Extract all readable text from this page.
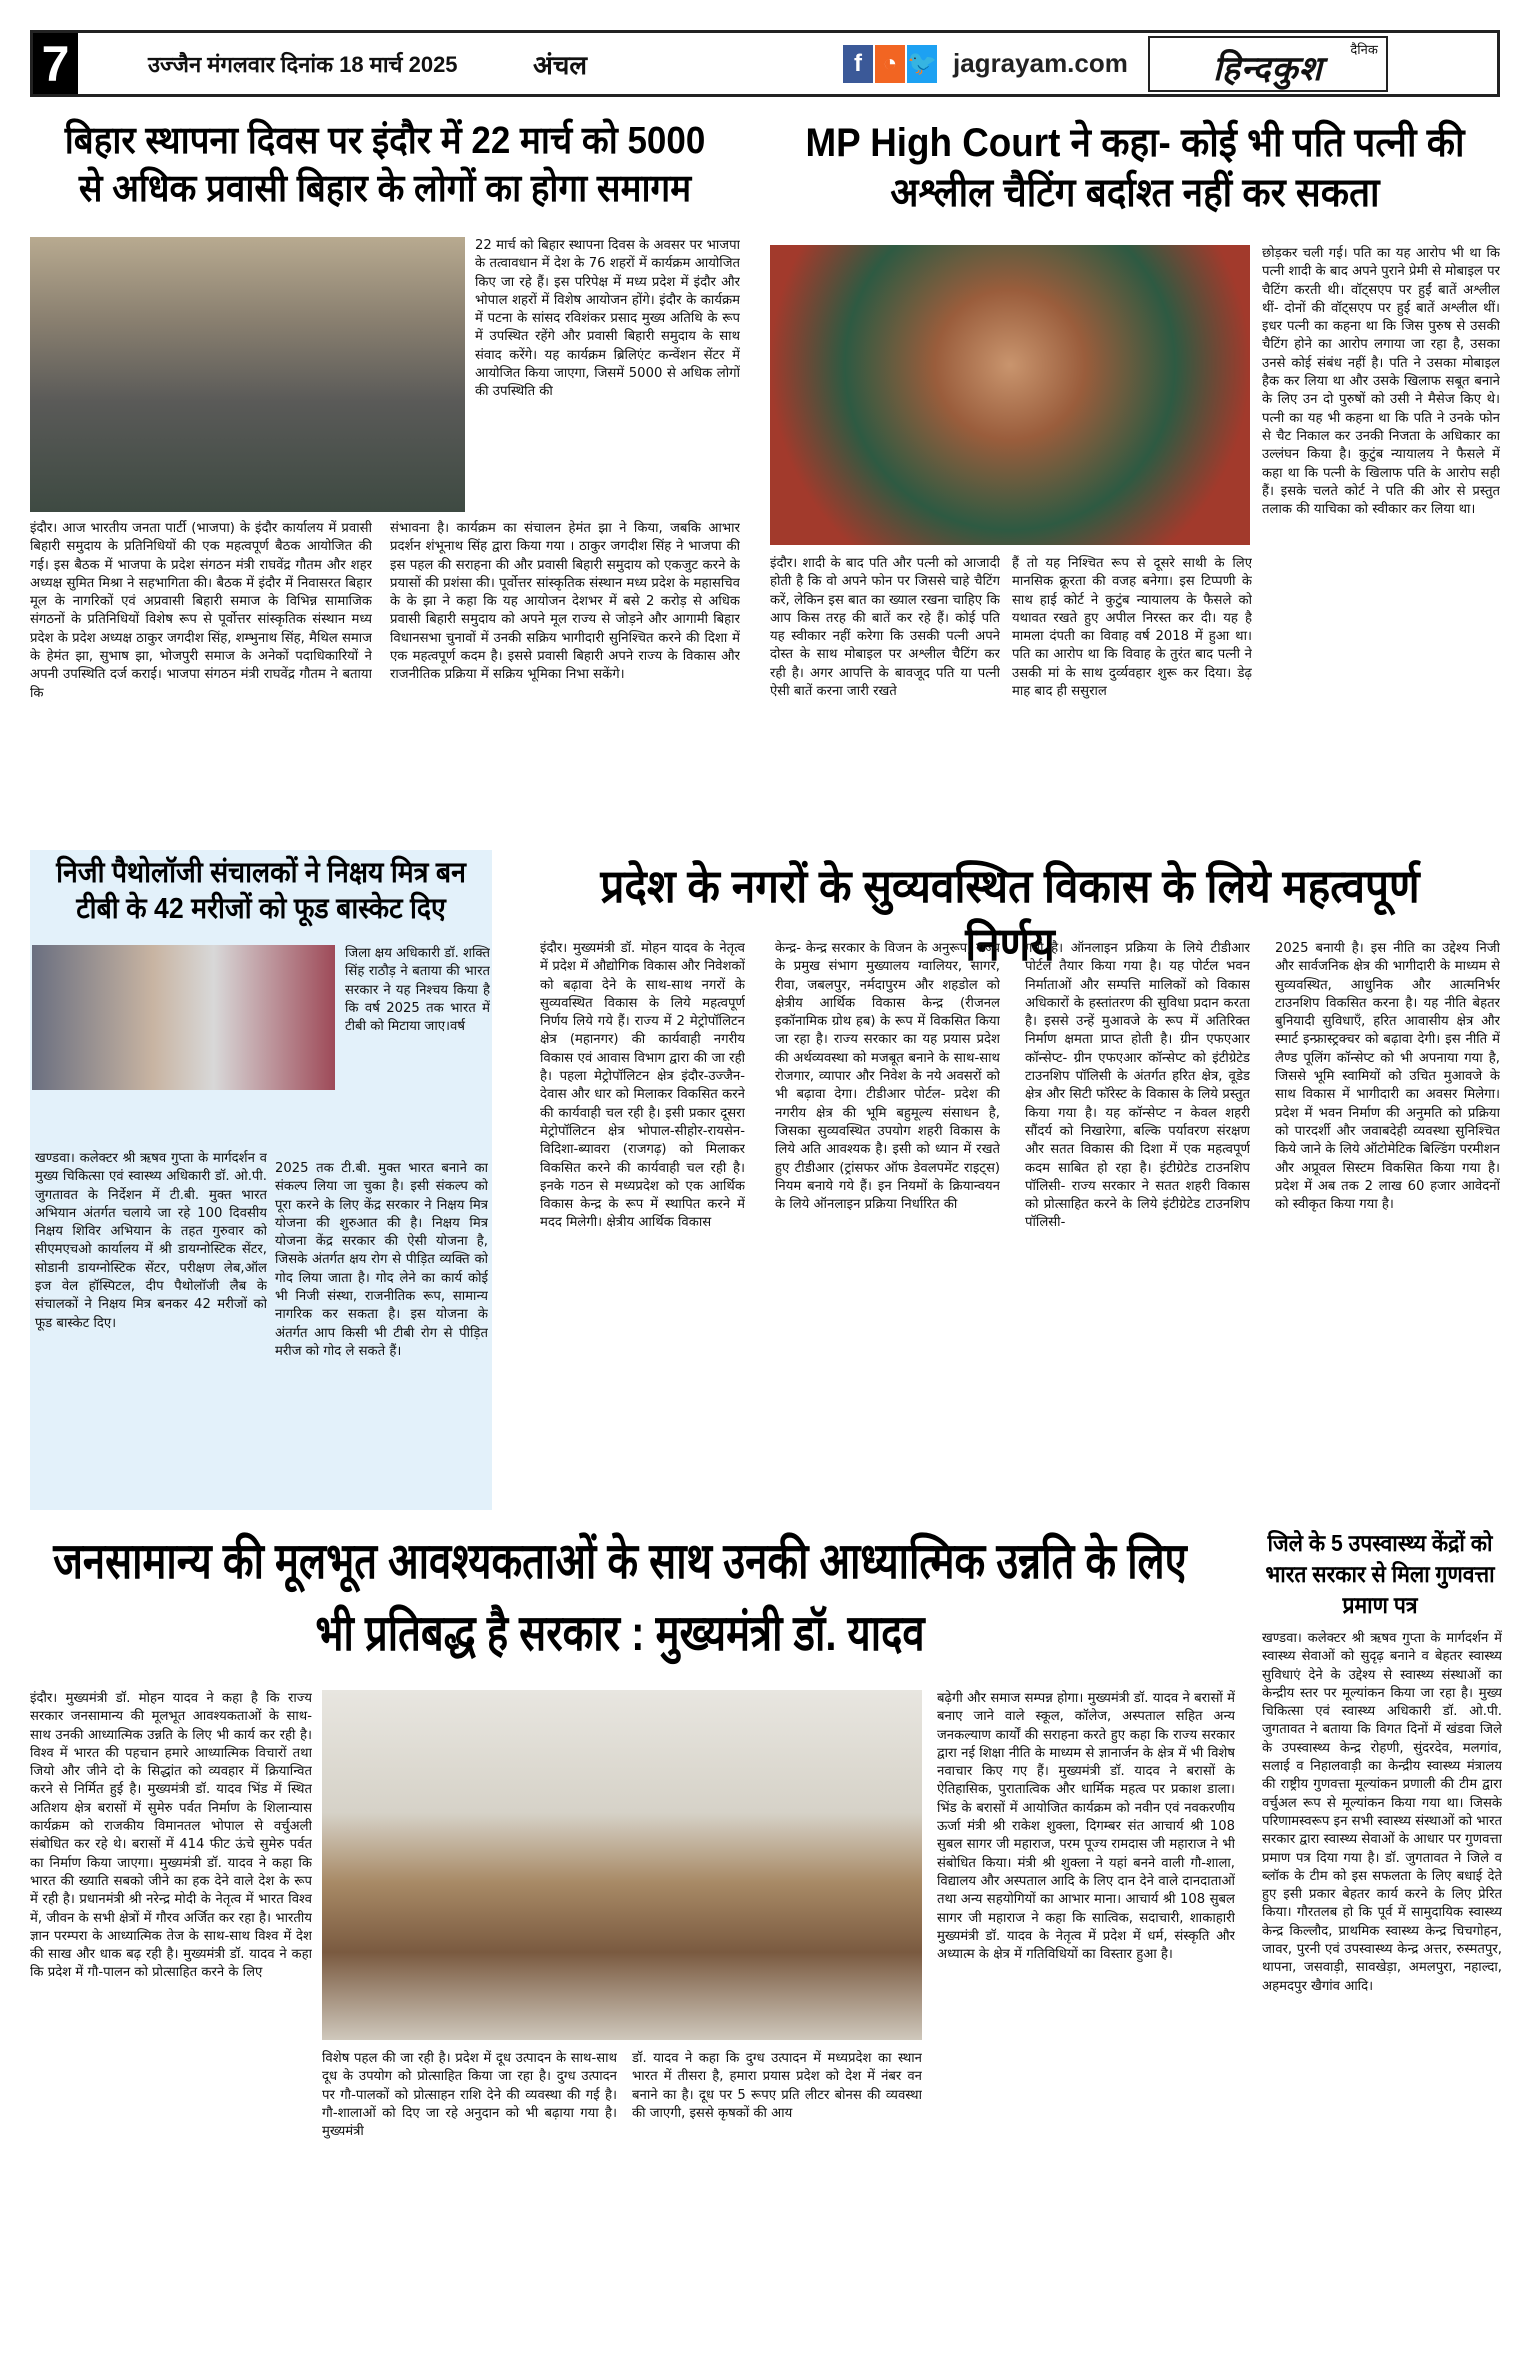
7	उज्जैन मंगलवार दिनांक 18 मार्च 2025	अंचल	f ◔ 🐦 jagrayam.com	दैनिक
हिन्दकुश
बिहार स्थापना दिवस पर इंदौर में 22 मार्च को 5000 से अधिक प्रवासी बिहार के लोगों का होगा समागम
22 मार्च को बिहार स्थापना दिवस के अवसर पर भाजपा के तत्वावधान में देश के 76 शहरों में कार्यक्रम आयोजित किए जा रहे हैं। इस परिपेक्ष में मध्य प्रदेश में इंदौर और भोपाल शहरों में विशेष आयोजन होंगे। इंदौर के कार्यक्रम में पटना के सांसद रविशंकर प्रसाद मुख्य अतिथि के रूप में उपस्थित रहेंगे और प्रवासी बिहारी समुदाय के साथ संवाद करेंगे। यह कार्यक्रम ब्रिलिएंट कन्वेंशन सेंटर में आयोजित किया जाएगा, जिसमें 5000 से अधिक लोगों की उपस्थिति की
इंदौर। आज भारतीय जनता पार्टी (भाजपा) के इंदौर कार्यालय में प्रवासी बिहारी समुदाय के प्रतिनिधियों की एक महत्वपूर्ण बैठक आयोजित की गई। इस बैठक में भाजपा के प्रदेश संगठन मंत्री राघवेंद्र गौतम और शहर अध्यक्ष सुमित मिश्रा ने सहभागिता की। बैठक में इंदौर में निवासरत बिहार मूल के नागरिकों एवं अप्रवासी बिहारी समाज के विभिन्न सामाजिक संगठनों के प्रतिनिधियों विशेष रूप से पूर्वोत्तर सांस्कृतिक संस्थान मध्य प्रदेश के प्रदेश अध्यक्ष ठाकुर जगदीश सिंह, शम्भुनाथ सिंह, मैथिल समाज के हेमंत झा, सुभाष झा, भोजपुरी समाज के अनेकों पदाधिकारियों ने अपनी उपस्थिति दर्ज कराई। भाजपा संगठन मंत्री राघवेंद्र गौतम ने बताया कि
संभावना है। कार्यक्रम का संचालन हेमंत झा ने किया, जबकि आभार प्रदर्शन शंभूनाथ सिंह द्वारा किया गया । ठाकुर जगदीश सिंह ने भाजपा की इस पहल की सराहना की और प्रवासी बिहारी समुदाय को एकजुट करने के प्रयासों की प्रशंसा की। पूर्वोत्तर सांस्कृतिक संस्थान मध्य प्रदेश के महासचिव के के झा ने कहा कि यह आयोजन देशभर में बसे 2 करोड़ से अधिक प्रवासी बिहारी समुदाय को अपने मूल राज्य से जोड़ने और आगामी बिहार विधानसभा चुनावों में उनकी सक्रिय भागीदारी सुनिश्चित करने की दिशा में एक महत्वपूर्ण कदम है। इससे प्रवासी बिहारी अपने राज्य के विकास और राजनीतिक प्रक्रिया में सक्रिय भूमिका निभा सकेंगे।
MP High Court ने कहा- कोई भी पति पत्नी की अश्लील चैटिंग बर्दाश्त नहीं कर सकता
छोड़कर चली गई। पति का यह आरोप भी था कि पत्नी शादी के बाद अपने पुराने प्रेमी से मोबाइल पर चैटिंग करती थी। वॉट्सएप पर हुईं बातें अश्लील थीं- दोनों की वॉट्सएप पर हुई बातें अश्लील थीं। इधर पत्नी का कहना था कि जिस पुरुष से उसकी चैटिंग होने का आरोप लगाया जा रहा है, उसका उनसे कोई संबंध नहीं है। पति ने उसका मोबाइल हैक कर लिया था और उसके खिलाफ सबूत बनाने के लिए उन दो पुरुषों को उसी ने मैसेज किए थे। पत्नी का यह भी कहना था कि पति ने उनके फोन से चैट निकाल कर उनकी निजता के अधिकार का उल्लंघन किया है। कुटुंब न्यायालय ने फैसले में कहा था कि पत्नी के खिलाफ पति के आरोप सही हैं। इसके चलते कोर्ट ने पति की ओर से प्रस्तुत तलाक की याचिका को स्वीकार कर लिया था।
इंदौर। शादी के बाद पति और पत्नी को आजादी होती है कि वो अपने फोन पर जिससे चाहे चैटिंग करें, लेकिन इस बात का ख्याल रखना चाहिए कि आप किस तरह की बातें कर रहे हैं। कोई पति यह स्वीकार नहीं करेगा कि उसकी पत्नी अपने दोस्त के साथ मोबाइल पर अश्लील चैटिंग कर रही है। अगर आपत्ति के बावजूद पति या पत्नी ऐसी बातें करना जारी रखते
हैं तो यह निश्चित रूप से दूसरे साथी के लिए मानसिक क्रूरता की वजह बनेगा। इस टिप्पणी के साथ हाई कोर्ट ने कुटुंब न्यायालय के फैसले को यथावत रखते हुए अपील निरस्त कर दी। यह है मामला दंपती का विवाह वर्ष 2018 में हुआ था। पति का आरोप था कि विवाह के तुरंत बाद पत्नी ने उसकी मां के साथ दुर्व्यवहार शुरू कर दिया। डेढ़ माह बाद ही ससुराल
निजी पैथोलॉजी संचालकों ने निक्षय मित्र बन टीबी के 42 मरीजों को फूड बास्केट दिए
जिला क्षय अधिकारी डॉ. शक्ति सिंह राठौड़ ने बताया की भारत सरकार ने यह निश्चय किया है कि वर्ष 2025 तक भारत में टीबी को मिटाया जाए।वर्ष
खण्डवा। कलेक्टर श्री ऋषव गुप्ता के मार्गदर्शन व मुख्य चिकित्सा एवं स्वास्थ्य अधिकारी डॉ. ओ.पी. जुगतावत के निर्देशन में टी.बी. मुक्त भारत अभियान अंतर्गत चलाये जा रहे 100 दिवसीय निक्षय शिविर अभियान के तहत गुरुवार को सीएमएचओ कार्यालय में श्री डायग्नोस्टिक सेंटर, सोडानी डायग्नोस्टिक सेंटर, परीक्षण लेब,ऑल इज वेल हॉस्पिटल, दीप पैथोलॉजी लैब के संचालकों ने निक्षय मित्र बनकर 42 मरीजों को फूड बास्केट दिए।
2025 तक टी.बी. मुक्त भारत बनाने का संकल्प लिया जा चुका है। इसी संकल्प को पूरा करने के लिए केंद्र सरकार ने निक्षय मित्र योजना की शुरुआत की है। निक्षय मित्र योजना केंद्र सरकार की ऐसी योजना है, जिसके अंतर्गत क्षय रोग से पीड़ित व्यक्ति को गोद लिया जाता है। गोद लेने का कार्य कोई भी निजी संस्था, राजनीतिक रूप, सामान्य नागरिक कर सकता है। इस योजना के अंतर्गत आप किसी भी टीबी रोग से पीड़ित मरीज को गोद ले सकते हैं।
प्रदेश के नगरों के सुव्यवस्थित विकास के लिये महत्वपूर्ण निर्णय
इंदौर। मुख्यमंत्री डॉ. मोहन यादव के नेतृत्व में प्रदेश में औद्योगिक विकास और निवेशकों को बढ़ावा देने के साथ-साथ नगरों के सुव्यवस्थित विकास के लिये महत्वपूर्ण निर्णय लिये गये हैं। राज्य में 2 मेट्रोपॉलिटन क्षेत्र (महानगर) की कार्यवाही नगरीय विकास एवं आवास विभाग द्वारा की जा रही है। पहला मेट्रोपॉलिटन क्षेत्र इंदौर-उज्जैन-देवास और धार को मिलाकर विकसित करने की कार्यवाही चल रही है। इसी प्रकार दूसरा मेट्रोपॉलिटन क्षेत्र भोपाल-सीहोर-रायसेन-विदिशा-ब्यावरा (राजगढ़) को मिलाकर विकसित करने की कार्यवाही चल रही है। इनके गठन से मध्यप्रदेश को एक आर्थिक विकास केन्द्र के रूप में स्थापित करने में मदद मिलेगी। क्षेत्रीय आर्थिक विकास
केन्द्र- केन्द्र सरकार के विजन के अनुरूप, राज्य के प्रमुख संभाग मुख्यालय ग्वालियर, सागर, रीवा, जबलपुर, नर्मदापुरम और शहडोल को क्षेत्रीय आर्थिक विकास केन्द्र (रीजनल इकॉनामिक ग्रोथ हब) के रूप में विकसित किया जा रहा है। राज्य सरकार का यह प्रयास प्रदेश की अर्थव्यवस्था को मजबूत बनाने के साथ-साथ रोजगार, व्यापार और निवेश के नये अवसरों को भी बढ़ावा देगा। टीडीआर पोर्टल- प्रदेश की नगरीय क्षेत्र की भूमि बहुमूल्य संसाधन है, जिसका सुव्यवस्थित उपयोग शहरी विकास के लिये अति आवश्यक है। इसी को ध्यान में रखते हुए टीडीआर (ट्रांसफर ऑफ डेवलपमेंट राइट्स) नियम बनाये गये हैं। इन नियमों के क्रियान्वयन के लिये ऑनलाइन प्रक्रिया निर्धारित की
गयी है। ऑनलाइन प्रक्रिया के लिये टीडीआर पोर्टल तैयार किया गया है। यह पोर्टल भवन निर्माताओं और सम्पत्ति मालिकों को विकास अधिकारों के हस्तांतरण की सुविधा प्रदान करता है। इससे उन्हें मुआवजे के रूप में अतिरिक्त निर्माण क्षमता प्राप्त होती है। ग्रीन एफएआर कॉन्सेप्ट- ग्रीन एफएआर कॉन्सेप्ट को इंटीग्रेटेड टाउनशिप पॉलिसी के अंतर्गत हरित क्षेत्र, वूडेड क्षेत्र और सिटी फॉरेस्ट के विकास के लिये प्रस्तुत किया गया है। यह कॉन्सेप्ट न केवल शहरी सौंदर्य को निखारेगा, बल्कि पर्यावरण संरक्षण और सतत विकास की दिशा में एक महत्वपूर्ण कदम साबित हो रहा है। इंटीग्रेटेड टाउनशिप पॉलिसी- राज्य सरकार ने सतत शहरी विकास को प्रोत्साहित करने के लिये इंटीग्रेटेड टाउनशिप पॉलिसी-
2025 बनायी है। इस नीति का उद्देश्य निजी और सार्वजनिक क्षेत्र की भागीदारी के माध्यम से सुव्यवस्थित, आधुनिक और आत्मनिर्भर टाउनशिप विकसित करना है। यह नीति बेहतर बुनियादी सुविधाएँ, हरित आवासीय क्षेत्र और स्मार्ट इन्फ्रास्ट्रक्चर को बढ़ावा देगी। इस नीति में लैण्ड पूलिंग कॉन्सेप्ट को भी अपनाया गया है, जिससे भूमि स्वामियों को उचित मुआवजे के साथ विकास में भागीदारी का अवसर मिलेगा। प्रदेश में भवन निर्माण की अनुमति को प्रक्रिया को पारदर्शी और जवाबदेही व्यवस्था सुनिश्चित किये जाने के लिये ऑटोमेटिक बिल्डिंग परमीशन और अप्रूवल सिस्टम विकसित किया गया है। प्रदेश में अब तक 2 लाख 60 हजार आवेदनों को स्वीकृत किया गया है।
जनसामान्य की मूलभूत आवश्यकताओं के साथ उनकी आध्यात्मिक उन्नति के लिए भी प्रतिबद्ध है सरकार : मुख्यमंत्री डॉ. यादव
इंदौर। मुख्यमंत्री डॉ. मोहन यादव ने कहा है कि राज्य सरकार जनसामान्य की मूलभूत आवश्यकताओं के साथ-साथ उनकी आध्यात्मिक उन्नति के लिए भी कार्य कर रही है। विश्व में भारत की पहचान हमारे आध्यात्मिक विचारों तथा जियो और जीने दो के सिद्धांत को व्यवहार में क्रियान्वित करने से निर्मित हुई है। मुख्यमंत्री डॉ. यादव भिंड में स्थित अतिशय क्षेत्र बरासों में सुमेरु पर्वत निर्माण के शिलान्यास कार्यक्रम को राजकीय विमानतल भोपाल से वर्चुअली संबोधित कर रहे थे। बरासों में 414 फीट ऊंचे सुमेरु पर्वत का निर्माण किया जाएगा। मुख्यमंत्री डॉ. यादव ने कहा कि भारत की ख्याति सबको जीने का हक देने वाले देश के रूप में रही है। प्रधानमंत्री श्री नरेन्द्र मोदी के नेतृत्व में भारत विश्व में, जीवन के सभी क्षेत्रों में गौरव अर्जित कर रहा है। भारतीय ज्ञान परम्परा के आध्यात्मिक तेज के साथ-साथ विश्व में देश की साख और धाक बढ़ रही है। मुख्यमंत्री डॉ. यादव ने कहा कि प्रदेश में गौ-पालन को प्रोत्साहित करने के लिए
विशेष पहल की जा रही है। प्रदेश में दूध उत्पादन के साथ-साथ दूध के उपयोग को प्रोत्साहित किया जा रहा है। दुग्ध उत्पादन पर गौ-पालकों को प्रोत्साहन राशि देने की व्यवस्था की गई है। गौ-शालाओं को दिए जा रहे अनुदान को भी बढ़ाया गया है। मुख्यमंत्री
डॉ. यादव ने कहा कि दुग्ध उत्पादन में मध्यप्रदेश का स्थान भारत में तीसरा है, हमारा प्रयास प्रदेश को देश में नंबर वन बनाने का है। दूध पर 5 रूपए प्रति लीटर बोनस की व्यवस्था की जाएगी, इससे कृषकों की आय
बढ़ेगी और समाज सम्पन्न होगा। मुख्यमंत्री डॉ. यादव ने बरासों में बनाए जाने वाले स्कूल, कॉलेज, अस्पताल सहित अन्य जनकल्याण कार्यों की सराहना करते हुए कहा कि राज्य सरकार द्वारा नई शिक्षा नीति के माध्यम से ज्ञानार्जन के क्षेत्र में भी विशेष नवाचार किए गए हैं। मुख्यमंत्री डॉ. यादव ने बरासों के ऐतिहासिक, पुरातात्विक और धार्मिक महत्व पर प्रकाश डाला। भिंड के बरासों में आयोजित कार्यक्रम को नवीन एवं नवकरणीय ऊर्जा मंत्री श्री राकेश शुक्ला, दिगम्बर संत आचार्य श्री 108 सुबल सागर जी महाराज, परम पूज्य रामदास जी महाराज ने भी संबोधित किया। मंत्री श्री शुक्ला ने यहां बनने वाली गौ-शाला, विद्यालय और अस्पताल आदि के लिए दान देने वाले दानदाताओं तथा अन्य सहयोगियों का आभार माना। आचार्य श्री 108 सुबल सागर जी महाराज ने कहा कि सात्विक, सदाचारी, शाकाहारी मुख्यमंत्री डॉ. यादव के नेतृत्व में प्रदेश में धर्म, संस्कृति और अध्यात्म के क्षेत्र में गतिविधियों का विस्तार हुआ है।
जिले के 5 उपस्वास्थ्य केंद्रों को भारत सरकार से मिला गुणवत्ता प्रमाण पत्र
खण्डवा। कलेक्टर श्री ऋषव गुप्ता के मार्गदर्शन में स्वास्थ्य सेवाओं को सुदृढ़ बनाने व बेहतर स्वास्थ्य सुविधाएं देने के उद्देश्य से स्वास्थ्य संस्थाओं का केन्द्रीय स्तर पर मूल्यांकन किया जा रहा है। मुख्य चिकित्सा एवं स्वास्थ्य अधिकारी डॉ. ओ.पी. जुगतावत ने बताया कि विगत दिनों में खंडवा जिले के उपस्वास्थ्य केन्द्र रोहणी, सुंदरदेव, मलगांव, सलाई व निहालवाड़ी का केन्द्रीय स्वास्थ्य मंत्रालय की राष्ट्रीय गुणवत्ता मूल्यांकन प्रणाली की टीम द्वारा वर्चुअल रूप से मूल्यांकन किया गया था। जिसके परिणामस्वरूप इन सभी स्वास्थ्य संस्थाओं को भारत सरकार द्वारा स्वास्थ्य सेवाओं के आधार पर गुणवत्ता प्रमाण पत्र दिया गया है। डॉ. जुगतावत ने जिले व ब्लॉक के टीम को इस सफलता के लिए बधाई देते हुए इसी प्रकार बेहतर कार्य करने के लिए प्रेरित किया। गौरतलब हो कि पूर्व में सामुदायिक स्वास्थ्य केन्द्र किल्लौद, प्राथमिक स्वास्थ्य केन्द्र चिचगोहन, जावर, पुरनी एवं उपस्वास्थ्य केन्द्र अत्तर, रुस्मतपुर, थापना, जसवाड़ी, सावखेड़ा, अमलपुरा, नहाल्दा, अहमदपुर खैगांव आदि।
